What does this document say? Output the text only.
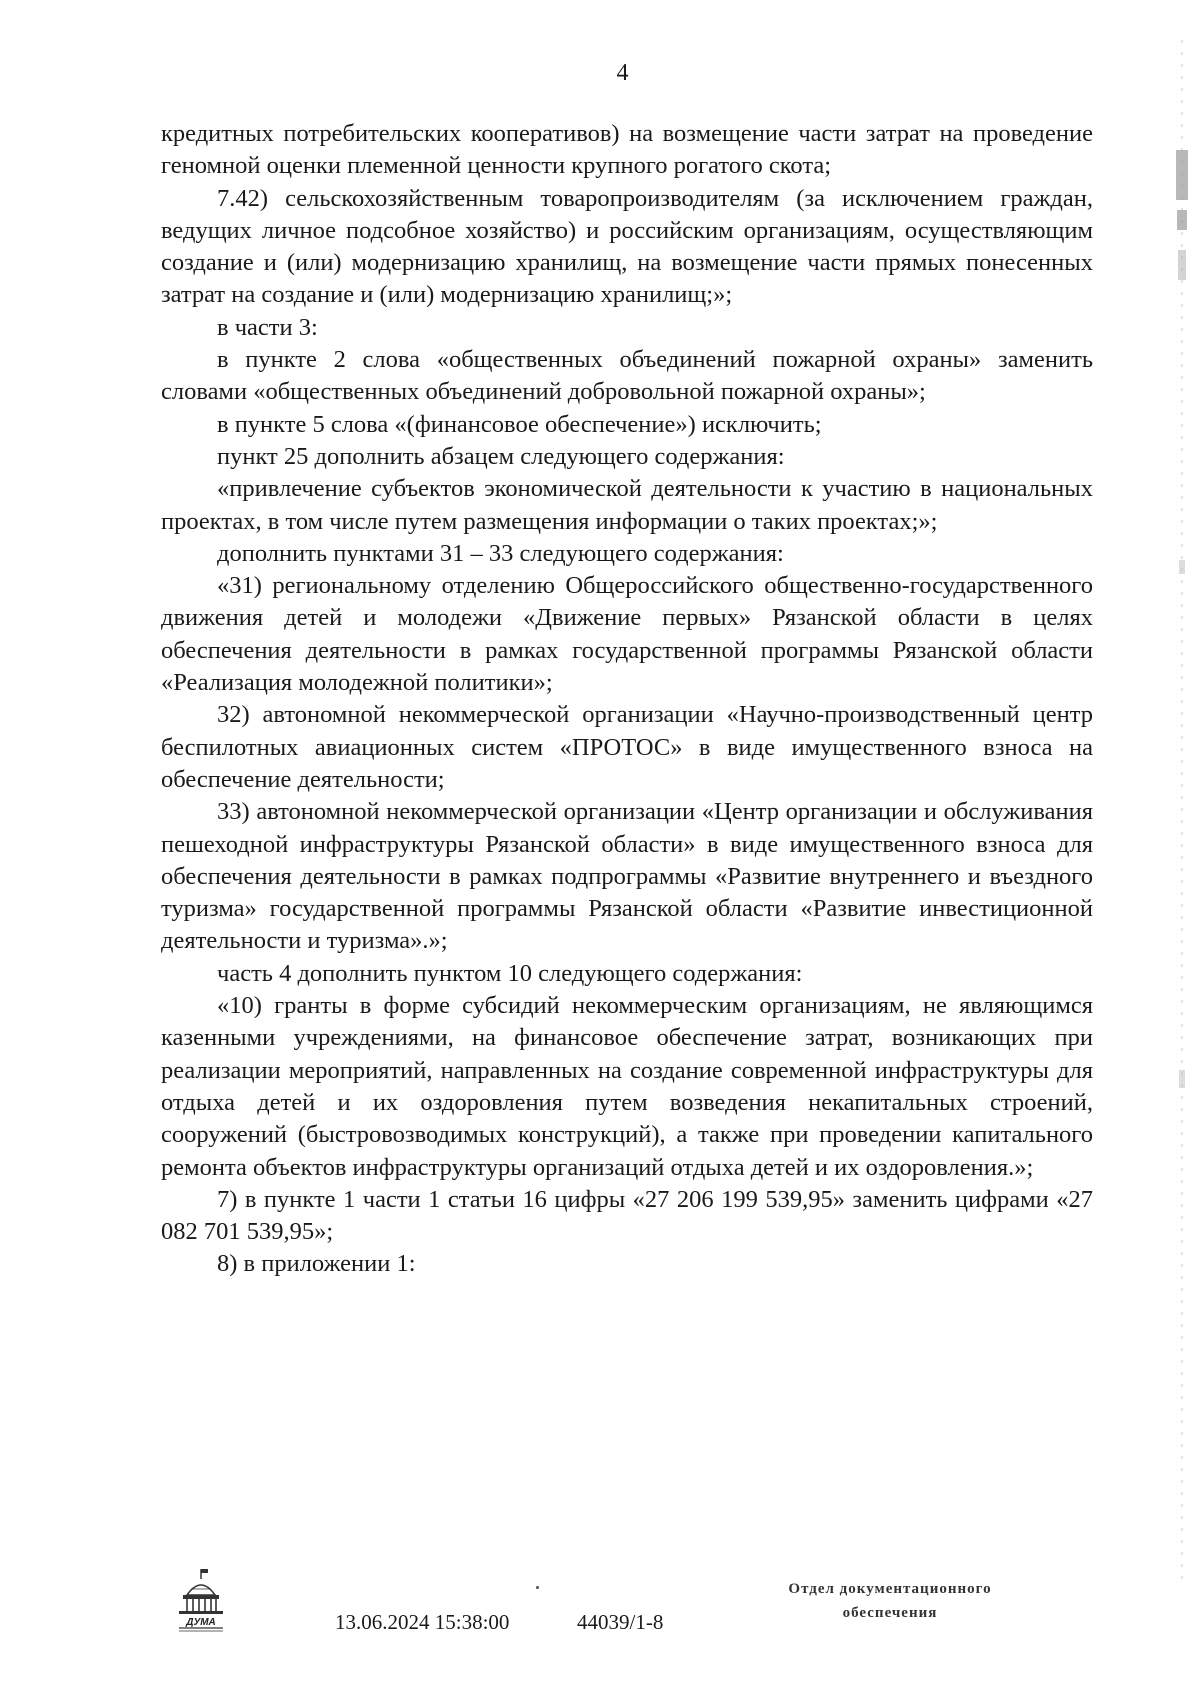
4

кредитных потребительских кооперативов) на возмещение части затрат на проведение геномной оценки племенной ценности крупного рогатого скота;

7.42) сельскохозяйственным товаропроизводителям (за исключением граждан, ведущих личное подсобное хозяйство) и российским организациям, осуществляющим создание и (или) модернизацию хранилищ, на возмещение части прямых понесенных затрат на создание и (или) модернизацию хранилищ;»;

в части 3:

в пункте 2 слова «общественных объединений пожарной охраны» заменить словами «общественных объединений добровольной пожарной охраны»;

в пункте 5 слова «(финансовое обеспечение») исключить;

пункт 25 дополнить абзацем следующего содержания:

«привлечение субъектов экономической деятельности к участию в национальных проектах, в том числе путем размещения информации о таких проектах;»;

дополнить пунктами 31 – 33 следующего содержания:

«31) региональному отделению Общероссийского общественно-государственного движения детей и молодежи «Движение первых» Рязанской области в целях обеспечения деятельности в рамках государственной программы Рязанской области «Реализация молодежной политики»;

32) автономной некоммерческой организации «Научно-производственный центр беспилотных авиационных систем «ПРОТОС» в виде имущественного взноса на обеспечение деятельности;

33) автономной некоммерческой организации «Центр организации и обслуживания пешеходной инфраструктуры Рязанской области» в виде имущественного взноса для обеспечения деятельности в рамках подпрограммы «Развитие внутреннего и въездного туризма» государственной программы Рязанской области «Развитие инвестиционной деятельности и туризма».»;

часть 4 дополнить пунктом 10 следующего содержания:

«10) гранты в форме субсидий некоммерческим организациям, не являющимся казенными учреждениями, на финансовое обеспечение затрат, возникающих при реализации мероприятий, направленных на создание современной инфраструктуры для отдыха детей и их оздоровления путем возведения некапитальных строений, сооружений (быстровозводимых конструкций), а также при проведении капитального ремонта объектов инфраструктуры организаций отдыха детей и их оздоровления.»;

7) в пункте 1 части 1 статьи 16 цифры «27 206 199 539,95» заменить цифрами «27 082 701 539,95»;

8) в приложении 1:

ДУМА	13.06.2024 15:38:00	44039/1-8
Отдел документационного
обеспечения
